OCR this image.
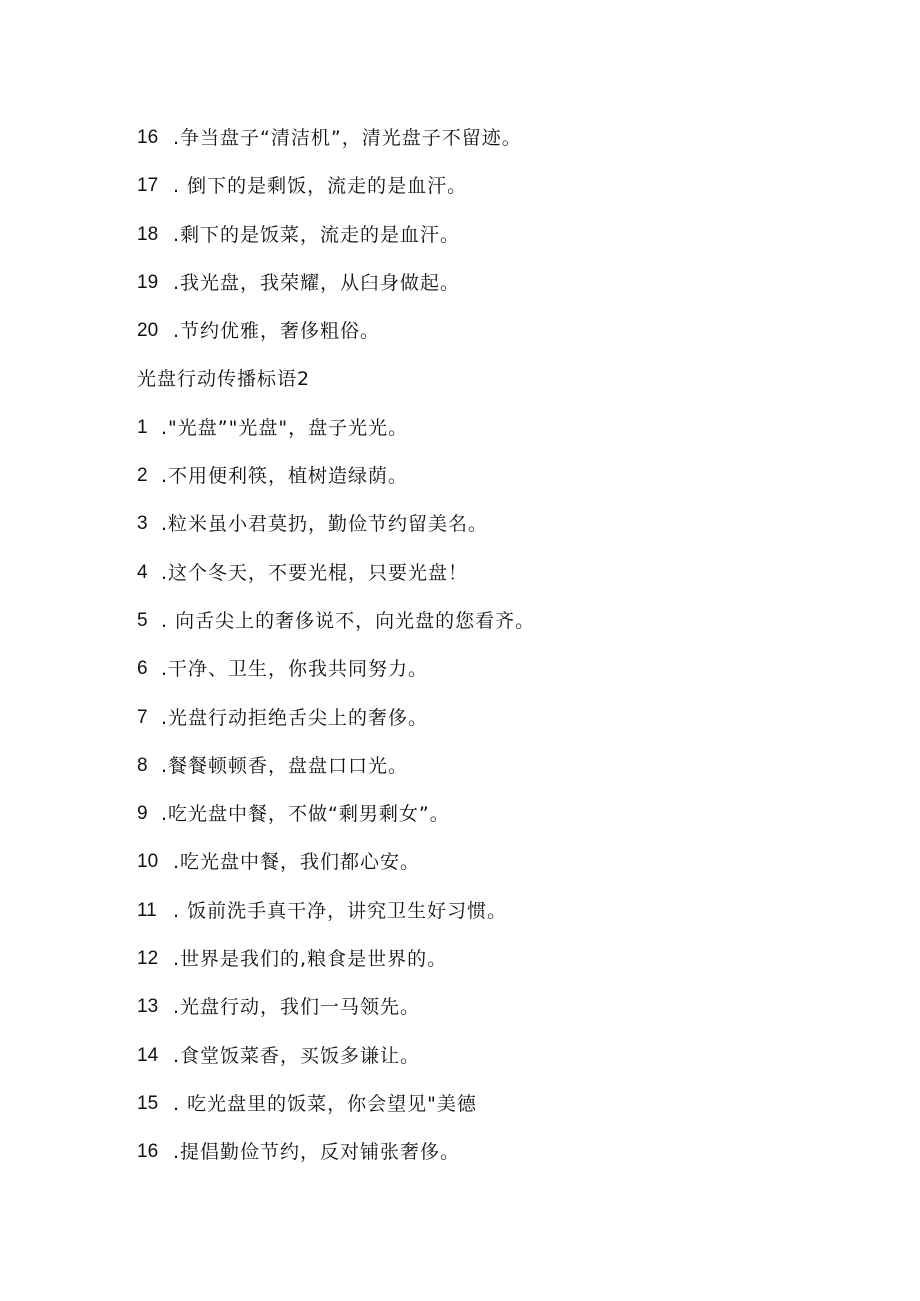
16 .争当盘子“清洁机”，清光盘子不留迹。
17 . 倒下的是剩饭，流走的是血汗。
18 .剩下的是饭菜，流走的是血汗。
19 .我光盘，我荣耀，从臼身做起。
20 .节约优雅，奢侈粗俗。
光盘行动传播标语2
1 ."光盘”"光盘"，盘子光光。
2 .不用便利筷，植树造绿荫。
3 .粒米虽小君莫扔，勤俭节约留美名。
4 .这个冬天，不要光棍，只要光盘！
5 . 向舌尖上的奢侈说不，向光盘的您看齐。
6 .干净、卫生，你我共同努力。
7 .光盘行动拒绝舌尖上的奢侈。
8 .餐餐顿顿香，盘盘口口光。
9 .吃光盘中餐，不做“剩男剩女”。
10 .吃光盘中餐，我们都心安。
11 . 饭前洗手真干净，讲究卫生好习惯。
12 .世界是我们的,粮食是世界的。
13 .光盘行动，我们一马领先。
14 .食堂饭菜香，买饭多谦让。
15 . 吃光盘里的饭菜，你会望见"美德
16 .提倡勤俭节约，反对铺张奢侈。
